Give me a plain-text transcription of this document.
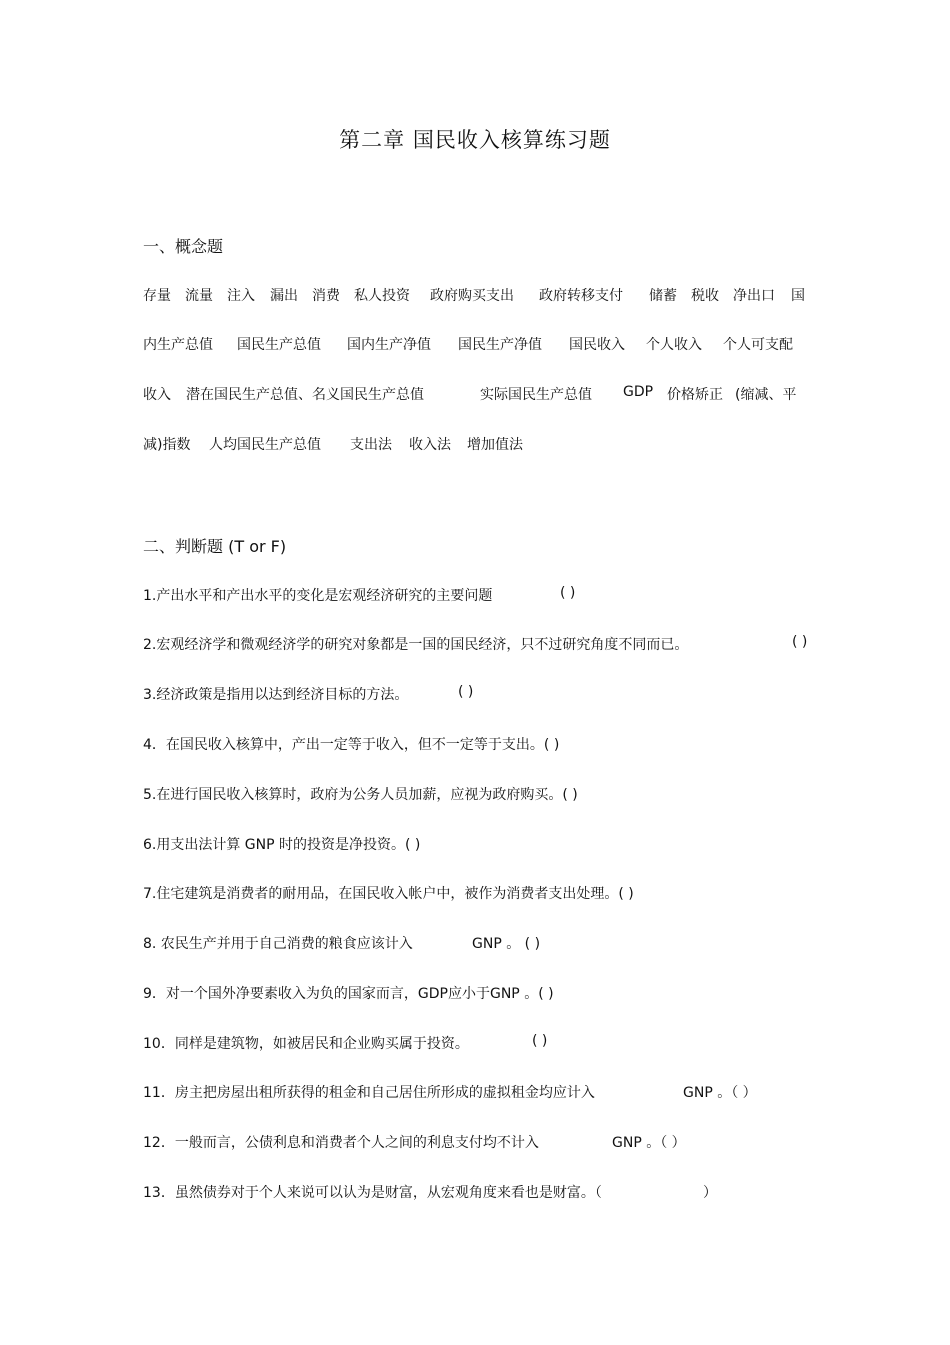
第二章 国民收入核算练习题
一、概念题
存量 流量 注入 漏出 消费 私人投资 政府购买支出 政府转移支付 储蓄 税收 净出口 国
内生产总值 国民生产总值 国内生产净值 国民生产净值 国民收入 个人收入 个人可支配
收入 潜在国民生产总值、名义国民生产总值	实际国民生产总值 GDP 价格矫正 (缩减、平
减)指数 人均国民生产总值 支出法 收入法 增加值法
二、判断题 (T or F)
1.产出水平和产出水平的变化是宏观经济研究的主要问题	( )
2.宏观经济学和微观经济学的研究对象都是一国的国民经济，只不过研究角度不同而已。	( )
3.经济政策是指用以达到经济目标的方法。	( )
4．在国民收入核算中，产出一定等于收入，但不一定等于支出。( )
5.在进行国民收入核算时，政府为公务人员加薪，应视为政府购买。( )
6.用支出法计算 GNP 时的投资是净投资。( )
7.住宅建筑是消费者的耐用品，在国民收入帐户中，被作为消费者支出处理。( )
8. 农民生产并用于自己消费的粮食应该计入	GNP 。 ( )
9．对一个国外净要素收入为负的国家而言，GDP应小于GNP 。( )
10．同样是建筑物，如被居民和企业购买属于投资。	( )
11．房主把房屋出租所获得的租金和自己居住所形成的虚拟租金均应计入	GNP 。（ ）
12．一般而言，公债利息和消费者个人之间的利息支付均不计入	GNP 。（ ）
13．虽然债券对于个人来说可以认为是财富，从宏观角度来看也是财富。（	）
